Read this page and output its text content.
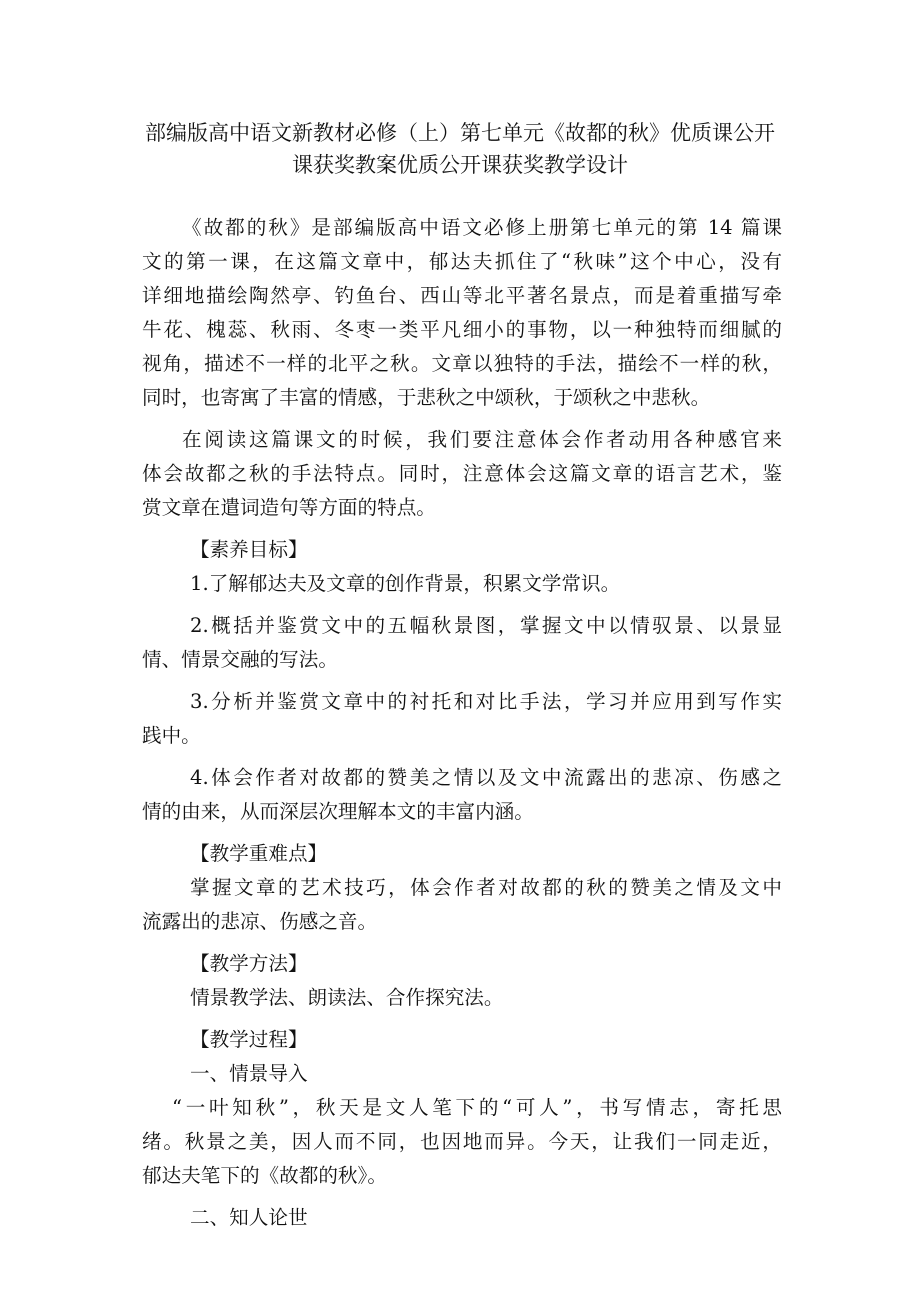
部编版高中语文新教材必修（上）第七单元《故都的秋》优质课公开
课获奖教案优质公开课获奖教学设计
《故都的秋》是部编版高中语文必修上册第七单元的第 14 篇课
文的第一课，在这篇文章中，郁达夫抓住了“秋味”这个中心，没有
详细地描绘陶然亭、钓鱼台、西山等北平著名景点，而是着重描写牵
牛花、槐蕊、秋雨、冬枣一类平凡细小的事物，以一种独特而细腻的
视角，描述不一样的北平之秋。文章以独特的手法，描绘不一样的秋，
同时，也寄寓了丰富的情感，于悲秋之中颂秋，于颂秋之中悲秋。
在阅读这篇课文的时候，我们要注意体会作者动用各种感官来
体会故都之秋的手法特点。同时，注意体会这篇文章的语言艺术，鉴
赏文章在遣词造句等方面的特点。
【素养目标】
1.了解郁达夫及文章的创作背景，积累文学常识。
2.概括并鉴赏文中的五幅秋景图，掌握文中以情驭景、以景显
情、情景交融的写法。
3.分析并鉴赏文章中的衬托和对比手法，学习并应用到写作实
践中。
4.体会作者对故都的赞美之情以及文中流露出的悲凉、伤感之
情的由来，从而深层次理解本文的丰富内涵。
【教学重难点】
掌握文章的艺术技巧，体会作者对故都的秋的赞美之情及文中
流露出的悲凉、伤感之音。
【教学方法】
情景教学法、朗读法、合作探究法。
【教学过程】
一、情景导入
“一叶知秋”，秋天是文人笔下的“可人”，书写情志，寄托思
绪。秋景之美，因人而不同，也因地而异。今天，让我们一同走近，
郁达夫笔下的《故都的秋》。
二、知人论世
